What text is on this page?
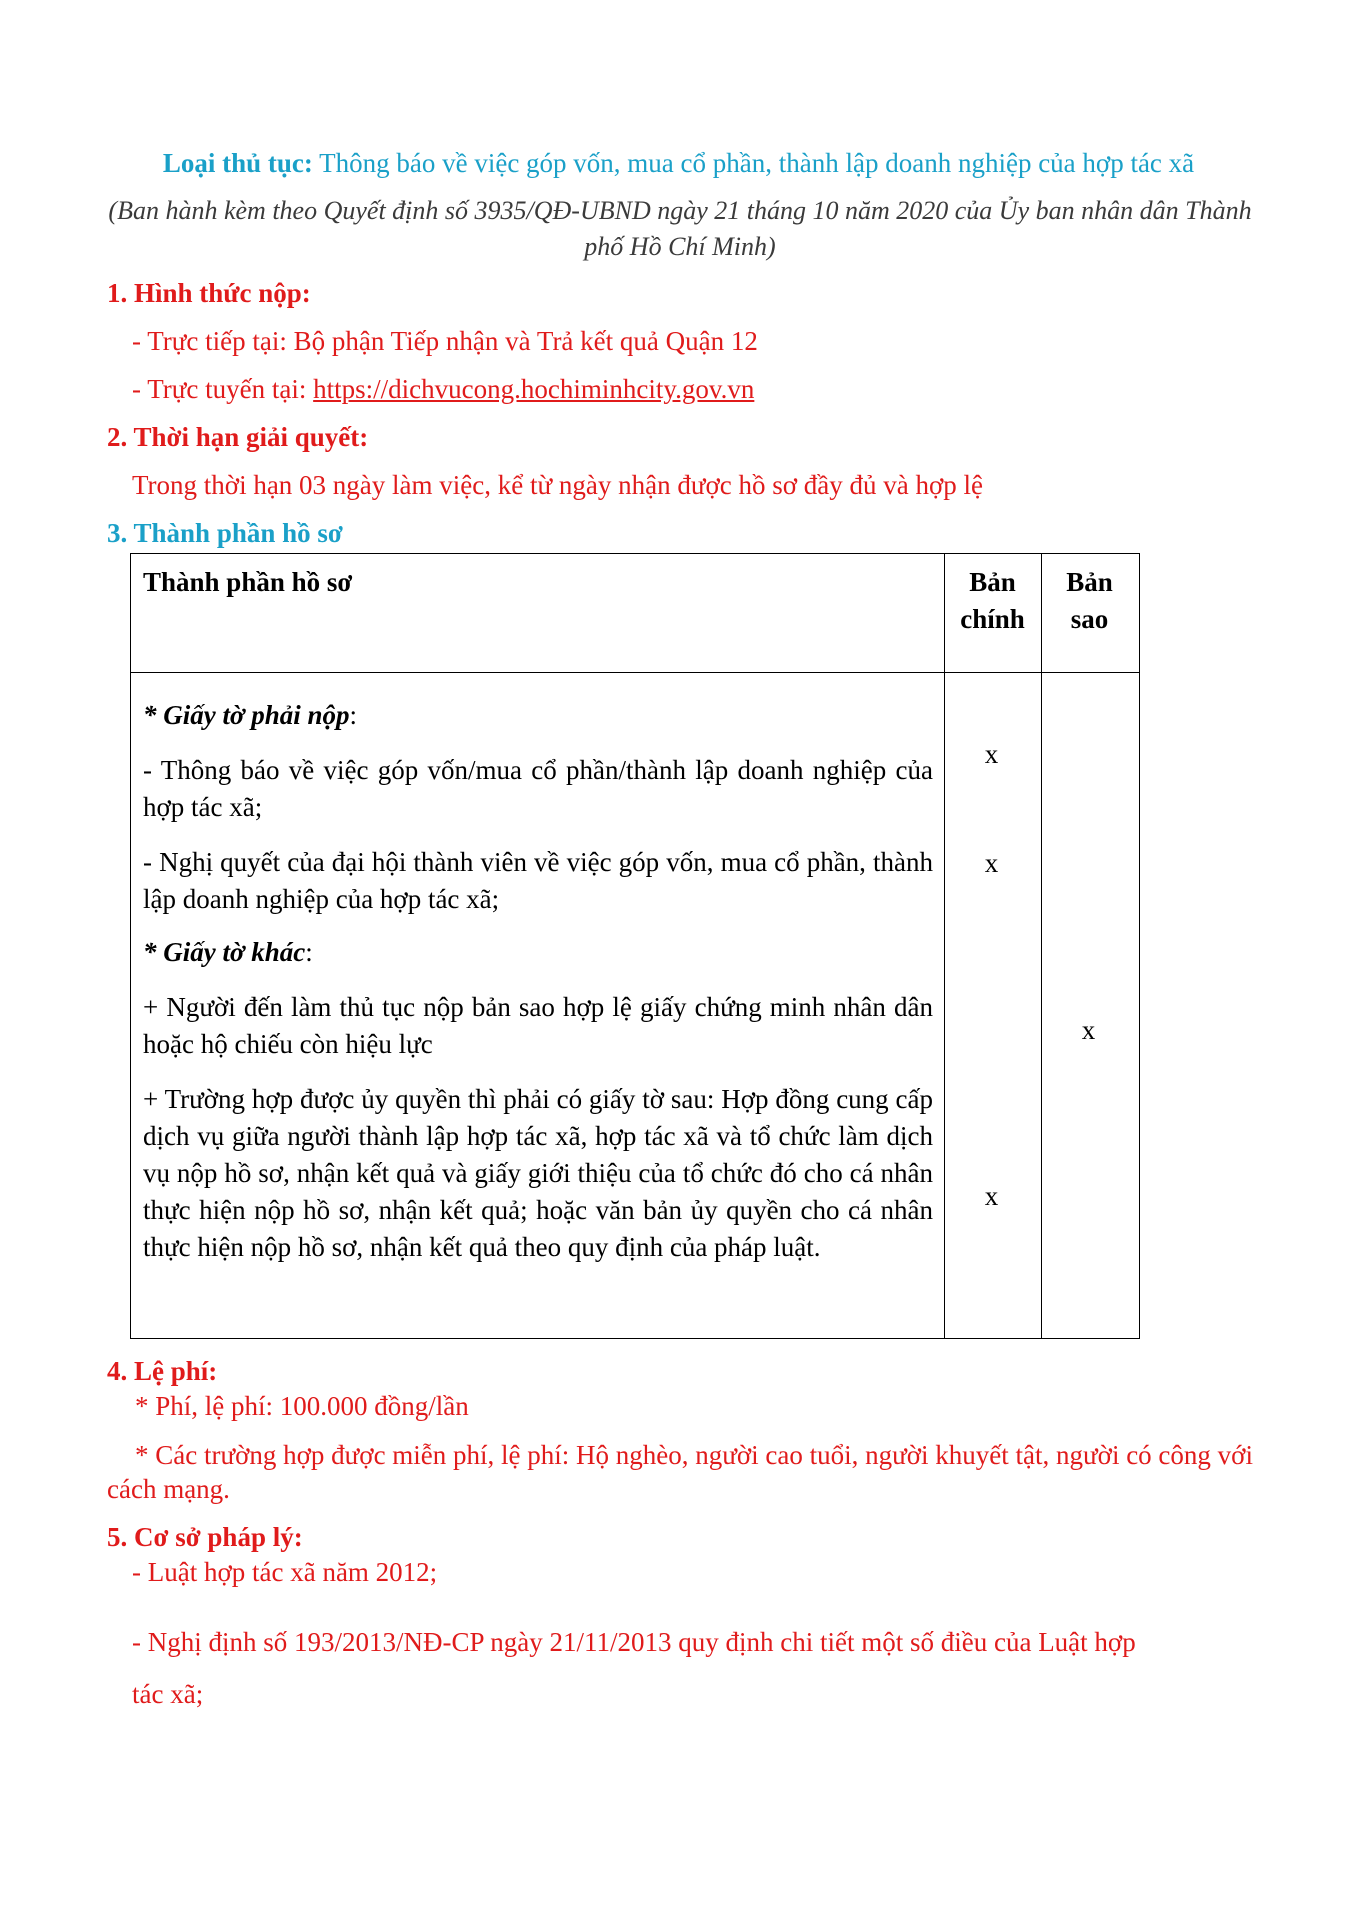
Loại thủ tục: Thông báo về việc góp vốn, mua cổ phần, thành lập doanh nghiệp của hợp tác xã
(Ban hành kèm theo Quyết định số 3935/QĐ-UBND ngày 21 tháng 10 năm 2020 của Ủy ban nhân dân Thành phố Hồ Chí Minh)
1. Hình thức nộp:
- Trực tiếp tại: Bộ phận Tiếp nhận và Trả kết quả Quận 12
- Trực tuyến tại: https://dichvucong.hochiminhcity.gov.vn
2. Thời hạn giải quyết:
Trong thời hạn 03 ngày làm việc, kể từ ngày nhận được hồ sơ đầy đủ và hợp lệ
3. Thành phần hồ sơ
Thành phần hồ sơ	Bản
chính
Bản
sao
* Giấy tờ phải nộp:
- Thông báo về việc góp vốn/mua cổ phần/thành lập doanh nghiệp của hợp tác xã;
x
- Nghị quyết của đại hội thành viên về việc góp vốn, mua cổ phần, thành lập doanh nghiệp của hợp tác xã;
x
* Giấy tờ khác:
+ Người đến làm thủ tục nộp bản sao hợp lệ giấy chứng minh nhân dân hoặc hộ chiếu còn hiệu lực	x
+ Trường hợp được ủy quyền thì phải có giấy tờ sau: Hợp đồng cung cấp dịch vụ giữa người thành lập hợp tác xã, hợp tác xã và tổ chức làm dịch vụ nộp hồ sơ, nhận kết quả và giấy giới thiệu của tổ chức đó cho cá nhân thực hiện nộp hồ sơ, nhận kết quả; hoặc văn bản ủy quyền cho cá nhân thực hiện nộp hồ sơ, nhận kết quả theo quy định của pháp luật.
x
4. Lệ phí:
* Phí, lệ phí: 100.000 đồng/lần
* Các trường hợp được miễn phí, lệ phí: Hộ nghèo, người cao tuổi, người khuyết tật, người có công với cách mạng.
5. Cơ sở pháp lý:
- Luật hợp tác xã năm 2012;
- Nghị định số 193/2013/NĐ-CP ngày 21/11/2013 quy định chi tiết một số điều của Luật hợp
tác xã;
